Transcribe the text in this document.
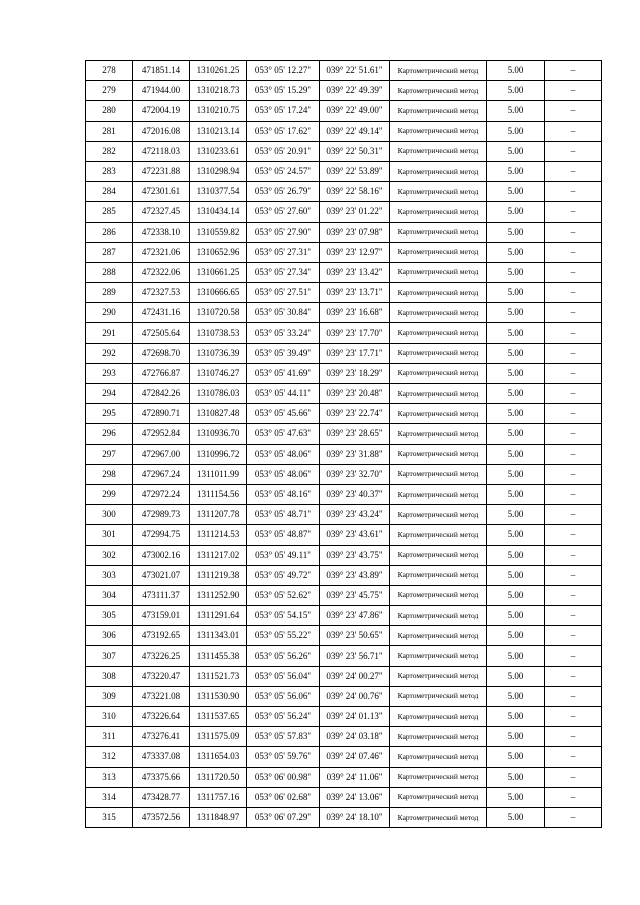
278	471851.14	1310261.25	053° 05' 12.27"	039° 22' 51.61"	Картометрический метод	5.00	–
279	471944.00	1310218.73	053° 05' 15.29"	039° 22' 49.39"	Картометрический метод	5.00	–
280	472004.19	1310210.75	053° 05' 17.24"	039° 22' 49.00"	Картометрический метод	5.00	–
281	472016.08	1310213.14	053° 05' 17.62"	039° 22' 49.14"	Картометрический метод	5.00	–
282	472118.03	1310233.61	053° 05' 20.91"	039° 22' 50.31"	Картометрический метод	5.00	–
283	472231.88	1310298.94	053° 05' 24.57"	039° 22' 53.89"	Картометрический метод	5.00	–
284	472301.61	1310377.54	053° 05' 26.79"	039° 22' 58.16"	Картометрический метод	5.00	–
285	472327.45	1310434.14	053° 05' 27.60"	039° 23' 01.22"	Картометрический метод	5.00	–
286	472338.10	1310559.82	053° 05' 27.90"	039° 23' 07.98"	Картометрический метод	5.00	–
287	472321.06	1310652.96	053° 05' 27.31"	039° 23' 12.97"	Картометрический метод	5.00	–
288	472322.06	1310661.25	053° 05' 27.34"	039° 23' 13.42"	Картометрический метод	5.00	–
289	472327.53	1310666.65	053° 05' 27.51"	039° 23' 13.71"	Картометрический метод	5.00	–
290	472431.16	1310720.58	053° 05' 30.84"	039° 23' 16.68"	Картометрический метод	5.00	–
291	472505.64	1310738.53	053° 05' 33.24"	039° 23' 17.70"	Картометрический метод	5.00	–
292	472698.70	1310736.39	053° 05' 39.49"	039° 23' 17.71"	Картометрический метод	5.00	–
293	472766.87	1310746.27	053° 05' 41.69"	039° 23' 18.29"	Картометрический метод	5.00	–
294	472842.26	1310786.03	053° 05' 44.11"	039° 23' 20.48"	Картометрический метод	5.00	–
295	472890.71	1310827.48	053° 05' 45.66"	039° 23' 22.74"	Картометрический метод	5.00	–
296	472952.84	1310936.70	053° 05' 47.63"	039° 23' 28.65"	Картометрический метод	5.00	–
297	472967.00	1310996.72	053° 05' 48.06"	039° 23' 31.88"	Картометрический метод	5.00	–
298	472967.24	1311011.99	053° 05' 48.06"	039° 23' 32.70"	Картометрический метод	5.00	–
299	472972.24	1311154.56	053° 05' 48.16"	039° 23' 40.37"	Картометрический метод	5.00	–
300	472989.73	1311207.78	053° 05' 48.71"	039° 23' 43.24"	Картометрический метод	5.00	–
301	472994.75	1311214.53	053° 05' 48.87"	039° 23' 43.61"	Картометрический метод	5.00	–
302	473002.16	1311217.02	053° 05' 49.11"	039° 23' 43.75"	Картометрический метод	5.00	–
303	473021.07	1311219.38	053° 05' 49.72"	039° 23' 43.89"	Картометрический метод	5.00	–
304	473111.37	1311252.90	053° 05' 52.62"	039° 23' 45.75"	Картометрический метод	5.00	–
305	473159.01	1311291.64	053° 05' 54.15"	039° 23' 47.86"	Картометрический метод	5.00	–
306	473192.65	1311343.01	053° 05' 55.22"	039° 23' 50.65"	Картометрический метод	5.00	–
307	473226.25	1311455.38	053° 05' 56.26"	039° 23' 56.71"	Картометрический метод	5.00	–
308	473220.47	1311521.73	053° 05' 56.04"	039° 24' 00.27"	Картометрический метод	5.00	–
309	473221.08	1311530.90	053° 05' 56.06"	039° 24' 00.76"	Картометрический метод	5.00	–
310	473226.64	1311537.65	053° 05' 56.24"	039° 24' 01.13"	Картометрический метод	5.00	–
311	473276.41	1311575.09	053° 05' 57.83"	039° 24' 03.18"	Картометрический метод	5.00	–
312	473337.08	1311654.03	053° 05' 59.76"	039° 24' 07.46"	Картометрический метод	5.00	–
313	473375.66	1311720.50	053° 06' 00.98"	039° 24' 11.06"	Картометрический метод	5.00	–
314	473428.77	1311757.16	053° 06' 02.68"	039° 24' 13.06"	Картометрический метод	5.00	–
315	473572.56	1311848.97	053° 06' 07.29"	039° 24' 18.10"	Картометрический метод	5.00	–
